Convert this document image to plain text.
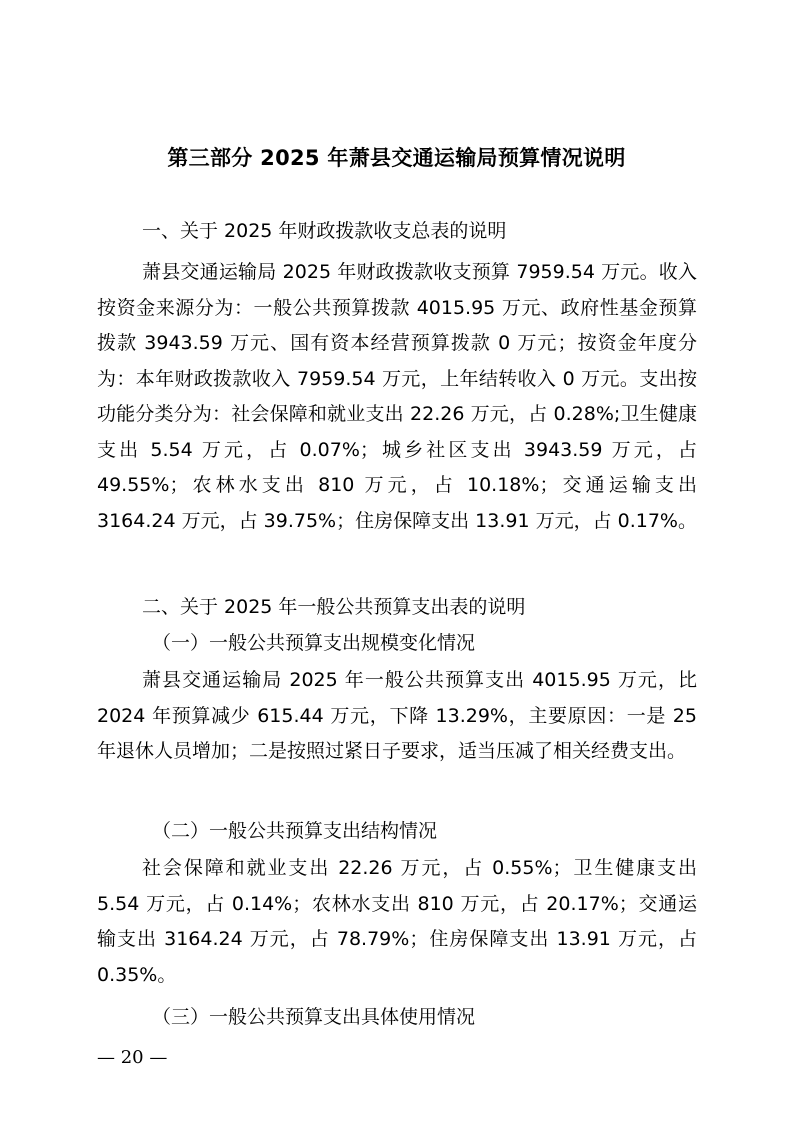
第三部分 2025 年萧县交通运输局预算情况说明
一、关于 2025 年财政拨款收支总表的说明
萧县交通运输局 2025 年财政拨款收支预算 7959.54 万元。收入按资金来源分为：一般公共预算拨款 4015.95 万元、政府性基金预算拨款 3943.59 万元、国有资本经营预算拨款 0 万元；按资金年度分为：本年财政拨款收入 7959.54 万元，上年结转收入 0 万元。支出按功能分类分为：社会保障和就业支出 22.26 万元，占 0.28%;卫生健康支出 5.54 万元，占 0.07%；城乡社区支出 3943.59 万元，占 49.55%；农林水支出 810 万元，占 10.18%；交通运输支出 3164.24 万元，占 39.75%；住房保障支出 13.91 万元，占 0.17%。
二、关于 2025 年一般公共预算支出表的说明
（一）一般公共预算支出规模变化情况
萧县交通运输局 2025 年一般公共预算支出 4015.95 万元，比 2024 年预算减少 615.44 万元，下降 13.29%，主要原因：一是 25 年退休人员增加；二是按照过紧日子要求，适当压减了相关经费支出。
（二）一般公共预算支出结构情况
社会保障和就业支出 22.26 万元，占 0.55%；卫生健康支出 5.54 万元，占 0.14%；农林水支出 810 万元，占 20.17%；交通运输支出 3164.24 万元，占 78.79%；住房保障支出 13.91 万元，占 0.35%。
（三）一般公共预算支出具体使用情况
— 20 —
